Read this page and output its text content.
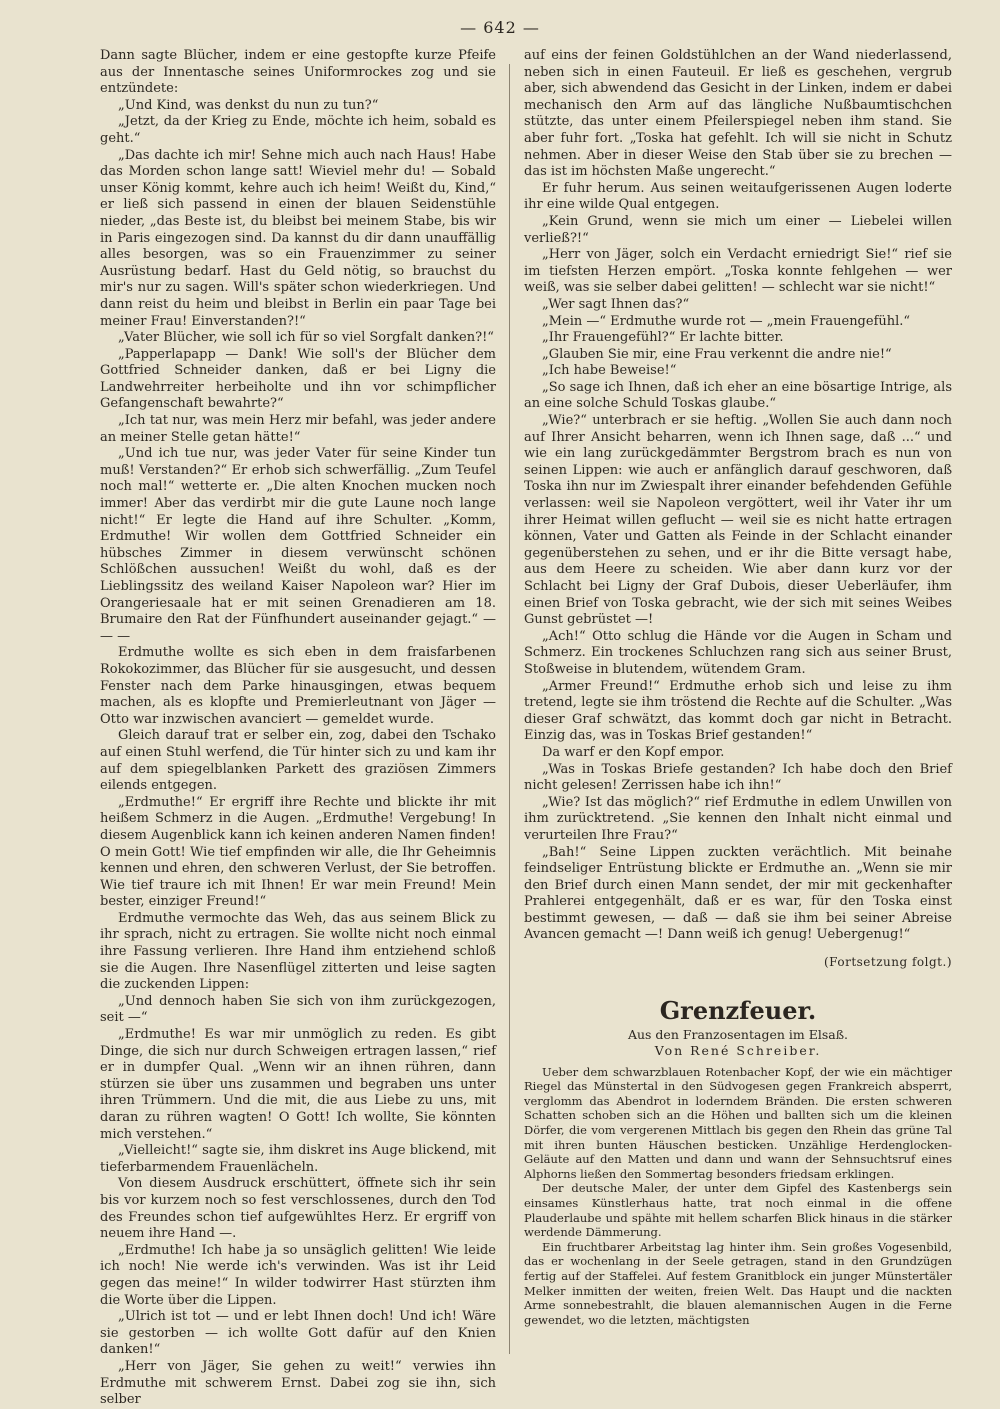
— 642 —

Dann sagte Blücher, indem er eine gestopfte kurze Pfeife aus der Innentasche seines Uniformrockes zog und sie entzündete:

„Und Kind, was denkst du nun zu tun?“

„Jetzt, da der Krieg zu Ende, möchte ich heim, sobald es geht.“

„Das dachte ich mir! Sehne mich auch nach Haus! Habe das Morden schon lange satt! Wieviel mehr du! — Sobald unser König kommt, kehre auch ich heim! Weißt du, Kind,“ er ließ sich passend in einen der blauen Seidenstühle nieder, „das Beste ist, du bleibst bei meinem Stabe, bis wir in Paris eingezogen sind. Da kannst du dir dann unauffällig alles besorgen, was so ein Frauenzimmer zu seiner Ausrüstung bedarf. Hast du Geld nötig, so brauchst du mir's nur zu sagen. Will's später schon wiederkriegen. Und dann reist du heim und bleibst in Berlin ein paar Tage bei meiner Frau! Einverstanden?!“

„Vater Blücher, wie soll ich für so viel Sorgfalt danken?!“

„Papperlapapp — Dank! Wie soll's der Blücher dem Gottfried Schneider danken, daß er bei Ligny die Landwehrreiter herbeiholte und ihn vor schimpflicher Gefangenschaft bewahrte?“

„Ich tat nur, was mein Herz mir befahl, was jeder andere an meiner Stelle getan hätte!“

„Und ich tue nur, was jeder Vater für seine Kinder tun muß! Verstanden?“ Er erhob sich schwerfällig. „Zum Teufel noch mal!“ wetterte er. „Die alten Knochen mucken noch immer! Aber das verdirbt mir die gute Laune noch lange nicht!“ Er legte die Hand auf ihre Schulter. „Komm, Erdmuthe! Wir wollen dem Gottfried Schneider ein hübsches Zimmer in diesem verwünscht schönen Schlößchen aussuchen! Weißt du wohl, daß es der Lieblingssitz des weiland Kaiser Napoleon war? Hier im Orangeriesaale hat er mit seinen Grenadieren am 18. Brumaire den Rat der Fünfhundert auseinander gejagt.“ — — —

Erdmuthe wollte es sich eben in dem fraisfarbenen Rokokozimmer, das Blücher für sie ausgesucht, und dessen Fenster nach dem Parke hinausgingen, etwas bequem machen, als es klopfte und Premierleutnant von Jäger — Otto war inzwischen avanciert — gemeldet wurde.

Gleich darauf trat er selber ein, zog, dabei den Tschako auf einen Stuhl werfend, die Tür hinter sich zu und kam ihr auf dem spiegelblanken Parkett des graziösen Zimmers eilends entgegen.

„Erdmuthe!“ Er ergriff ihre Rechte und blickte ihr mit heißem Schmerz in die Augen. „Erdmuthe! Vergebung! In diesem Augenblick kann ich keinen anderen Namen finden! O mein Gott! Wie tief empfinden wir alle, die Ihr Geheimnis kennen und ehren, den schweren Verlust, der Sie betroffen. Wie tief traure ich mit Ihnen! Er war mein Freund! Mein bester, einziger Freund!“

Erdmuthe vermochte das Weh, das aus seinem Blick zu ihr sprach, nicht zu ertragen. Sie wollte nicht noch einmal ihre Fassung verlieren. Ihre Hand ihm entziehend schloß sie die Augen. Ihre Nasenflügel zitterten und leise sagten die zuckenden Lippen:

„Und dennoch haben Sie sich von ihm zurückgezogen, seit —“

„Erdmuthe! Es war mir unmöglich zu reden. Es gibt Dinge, die sich nur durch Schweigen ertragen lassen,“ rief er in dumpfer Qual. „Wenn wir an ihnen rühren, dann stürzen sie über uns zusammen und begraben uns unter ihren Trümmern. Und die mit, die aus Liebe zu uns, mit daran zu rühren wagten! O Gott! Ich wollte, Sie könnten mich verstehen.“

„Vielleicht!“ sagte sie, ihm diskret ins Auge blickend, mit tieferbarmendem Frauenlächeln.

Von diesem Ausdruck erschüttert, öffnete sich ihr sein bis vor kurzem noch so fest verschlossenes, durch den Tod des Freundes schon tief aufgewühltes Herz. Er ergriff von neuem ihre Hand —.

„Erdmuthe! Ich habe ja so unsäglich gelitten! Wie leide ich noch! Nie werde ich's verwinden. Was ist ihr Leid gegen das meine!“ In wilder todwirrer Hast stürzten ihm die Worte über die Lippen.

„Ulrich ist tot — und er lebt Ihnen doch! Und ich! Wäre sie gestorben — ich wollte Gott dafür auf den Knien danken!“

„Herr von Jäger, Sie gehen zu weit!“ verwies ihn Erdmuthe mit schwerem Ernst. Dabei zog sie ihn, sich selber

auf eins der feinen Goldstühlchen an der Wand niederlassend, neben sich in einen Fauteuil. Er ließ es geschehen, vergrub aber, sich abwendend das Gesicht in der Linken, indem er dabei mechanisch den Arm auf das längliche Nußbaumtischchen stützte, das unter einem Pfeilerspiegel neben ihm stand. Sie aber fuhr fort. „Toska hat gefehlt. Ich will sie nicht in Schutz nehmen. Aber in dieser Weise den Stab über sie zu brechen — das ist im höchsten Maße ungerecht.“

Er fuhr herum. Aus seinen weitaufgerissenen Augen loderte ihr eine wilde Qual entgegen.

„Kein Grund, wenn sie mich um einer — Liebelei willen verließ?!“

„Herr von Jäger, solch ein Verdacht erniedrigt Sie!“ rief sie im tiefsten Herzen empört. „Toska konnte fehlgehen — wer weiß, was sie selber dabei gelitten! — schlecht war sie nicht!“

„Wer sagt Ihnen das?“

„Mein —“ Erdmuthe wurde rot — „mein Frauengefühl.“

„Ihr Frauengefühl?“ Er lachte bitter.

„Glauben Sie mir, eine Frau verkennt die andre nie!“

„Ich habe Beweise!“

„So sage ich Ihnen, daß ich eher an eine bösartige Intrige, als an eine solche Schuld Toskas glaube.“

„Wie?“ unterbrach er sie heftig. „Wollen Sie auch dann noch auf Ihrer Ansicht beharren, wenn ich Ihnen sage, daß ...“ und wie ein lang zurückgedämmter Bergstrom brach es nun von seinen Lippen: wie auch er anfänglich darauf geschworen, daß Toska ihn nur im Zwiespalt ihrer einander befehdenden Gefühle verlassen: weil sie Napoleon vergöttert, weil ihr Vater ihr um ihrer Heimat willen geflucht — weil sie es nicht hatte ertragen können, Vater und Gatten als Feinde in der Schlacht einander gegenüberstehen zu sehen, und er ihr die Bitte versagt habe, aus dem Heere zu scheiden. Wie aber dann kurz vor der Schlacht bei Ligny der Graf Dubois, dieser Ueberläufer, ihm einen Brief von Toska gebracht, wie der sich mit seines Weibes Gunst gebrüstet —!

„Ach!“ Otto schlug die Hände vor die Augen in Scham und Schmerz. Ein trockenes Schluchzen rang sich aus seiner Brust, Stoßweise in blutendem, wütendem Gram.

„Armer Freund!“ Erdmuthe erhob sich und leise zu ihm tretend, legte sie ihm tröstend die Rechte auf die Schulter. „Was dieser Graf schwätzt, das kommt doch gar nicht in Betracht. Einzig das, was in Toskas Brief gestanden!“

Da warf er den Kopf empor.

„Was in Toskas Briefe gestanden? Ich habe doch den Brief nicht gelesen! Zerrissen habe ich ihn!“

„Wie? Ist das möglich?“ rief Erdmuthe in edlem Unwillen von ihm zurücktretend. „Sie kennen den Inhalt nicht einmal und verurteilen Ihre Frau?“

„Bah!“ Seine Lippen zuckten verächtlich. Mit beinahe feindseliger Entrüstung blickte er Erdmuthe an. „Wenn sie mir den Brief durch einen Mann sendet, der mir mit geckenhafter Prahlerei entgegenhält, daß er es war, für den Toska einst bestimmt gewesen, — daß — daß sie ihm bei seiner Abreise Avancen gemacht —! Dann weiß ich genug! Uebergenug!“

(Fortsetzung folgt.)
Grenzfeuer.
Aus den Franzosentagen im Elsaß.
Von René Schreiber.

Ueber dem schwarzblauen Rotenbacher Kopf, der wie ein mächtiger Riegel das Münstertal in den Südvogesen gegen Frankreich absperrt, verglomm das Abendrot in loderndem Bränden. Die ersten schweren Schatten schoben sich an die Höhen und ballten sich um die kleinen Dörfer, die vom vergerenen Mittlach bis gegen den Rhein das grüne Tal mit ihren bunten Häuschen besticken. Unzählige Herdenglocken-Geläute auf den Matten und dann und wann der Sehnsuchtsruf eines Alphorns ließen den Sommertag besonders friedsam erklingen.

Der deutsche Maler, der unter dem Gipfel des Kastenbergs sein einsames Künstlerhaus hatte, trat noch einmal in die offene Plauderlaube und spähte mit hellem scharfen Blick hinaus in die stärker werdende Dämmerung.

Ein fruchtbarer Arbeitstag lag hinter ihm. Sein großes Vogesenbild, das er wochenlang in der Seele getragen, stand in den Grundzügen fertig auf der Staffelei. Auf festem Granitblock ein junger Münstertäler Melker inmitten der weiten, freien Welt. Das Haupt und die nackten Arme sonnebestrahlt, die blauen alemannischen Augen in die Ferne gewendet, wo die letzten, mächtigsten
